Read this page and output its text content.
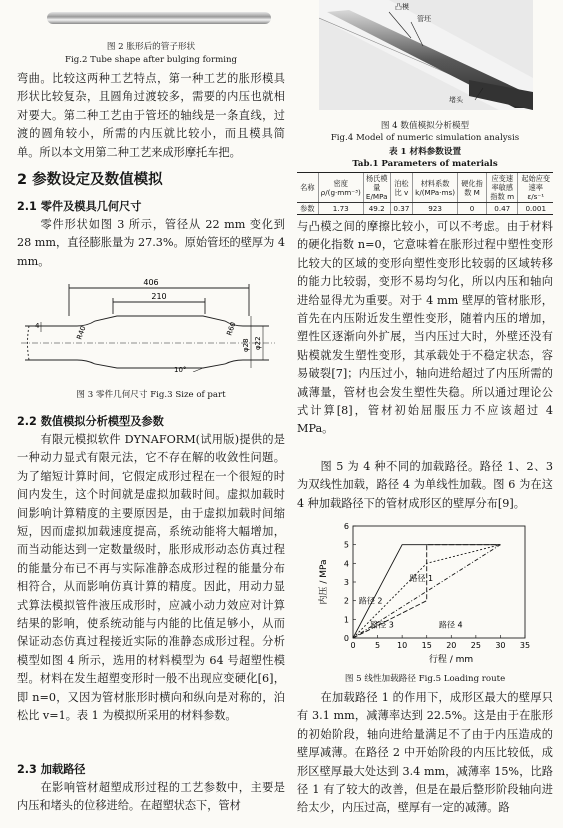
图 2 胀形后的管子形状

Fig.2 Tube shape after bulging forming

弯曲。比较这两种工艺特点，第一种工艺的胀形模具形状比较复杂，且圆角过渡较多，需要的内压也就相对要大。第二种工艺由于管坯的轴线是一条直线，过渡的圆角较小，所需的内压就比较小，而且模具简单。所以本文用第二种工艺来成形摩托车把。

2 参数设定及数值模拟
2.1 零件及模具几何尺寸

零件形状如图 3 所示，管径从 22 mm 变化到 28 mm，直径膨胀量为 27.3%。原始管坯的壁厚为 4 mm。

406
210
4	R40	R60
φ22
φ28
10°

图 3 零件几何尺寸 Fig.3 Size of part

2.2 数值模拟分析模型及参数

有限元模拟软件 DYNAFORM(试用版)提供的是一种动力显式有限元法，它不存在解的收敛性问题。为了缩短计算时间，它假定成形过程在一个很短的时间内发生，这个时间就是虚拟加载时间。虚拟加载时间影响计算精度的主要原因是，由于虚拟加载时间缩短，因而虚拟加载速度提高，系统动能将大幅增加，而当动能达到一定数量级时，胀形成形动态仿真过程的能量分布已不再与实际准静态成形过程的能量分布相符合，从而影响仿真计算的精度。因此，用动力显式算法模拟管件液压成形时，应减小动力效应对计算结果的影响，使系统动能与内能的比值足够小，从而保证动态仿真过程接近实际的准静态成形过程。分析模型如图 4 所示，选用的材料模型为 64 号超塑性模型。材料在发生超塑变形时一般不出现应变硬化[6]，即 n=0，又因为管材胀形时横向和纵向是对称的，泊松比 v=1。表 1 为模拟所采用的材料参数。

2.3 加载路径

在影响管材超塑成形过程的工艺参数中，主要是内压和堵头的位移进给。在超塑状态下，管材

凸模
管坯
堵头

图 4 数值模拟分析模型

Fig.4 Model of numeric simulation analysis

表 1 材料参数设置

Tab.1 Parameters of materials

名称	密度 ρ/(g·mm⁻³)	杨氏模量 E/MPa	泊松比 v	材料系数 k/(MPa·ms)	硬化指数 M	应变速率敏感指数 m	起始应变速率 ε/s⁻¹
参数	1.73	49.2	0.37	923	0	0.47	0.001

与凸模之间的摩擦比较小，可以不考虑。由于材料的硬化指数 n=0，它意味着在胀形过程中塑性变形比较大的区域的变形向塑性变形比较弱的区域转移的能力比较弱，变形不易均匀化，所以内压和轴向进给显得尤为重要。对于 4 mm 壁厚的管材胀形，首先在内压附近发生塑性变形，随着内压的增加，塑性区逐渐向外扩展，当内压过大时，外壁还没有贴模就发生塑性变形，其承载处于不稳定状态，容易破裂[7]；内压过小，轴向进给超过了内压所需的减薄量，管材也会发生塑性失稳。所以通过理论公式计算[8]，管材初始屈服压力不应该超过 4 MPa。

图 5 为 4 种不同的加载路径。路径 1、2、3 为双线性加载，路径 4 为单线性加载。图 6 为在这 4 种加载路径下的管材成形区的壁厚分布[9]。

0 5 10 15 20 25 30 35
0
1
2
3
4
5
6
路径 1
路径 2
路径 3	路径 4
行程 / mm
内压 / MPa

图 5 线性加载路径 Fig.5 Loading route

在加载路径 1 的作用下，成形区最大的壁厚只有 3.1 mm，减薄率达到 22.5%。这是由于在胀形的初始阶段，轴向进给量满足不了由于内压造成的壁厚减薄。在路径 2 中开始阶段的内压比较低，成形区壁厚最大处达到 3.4 mm，减薄率 15%，比路径 1 有了较大的改善，但是在最后整形阶段轴向进给太少，内压过高，壁厚有一定的减薄。路
